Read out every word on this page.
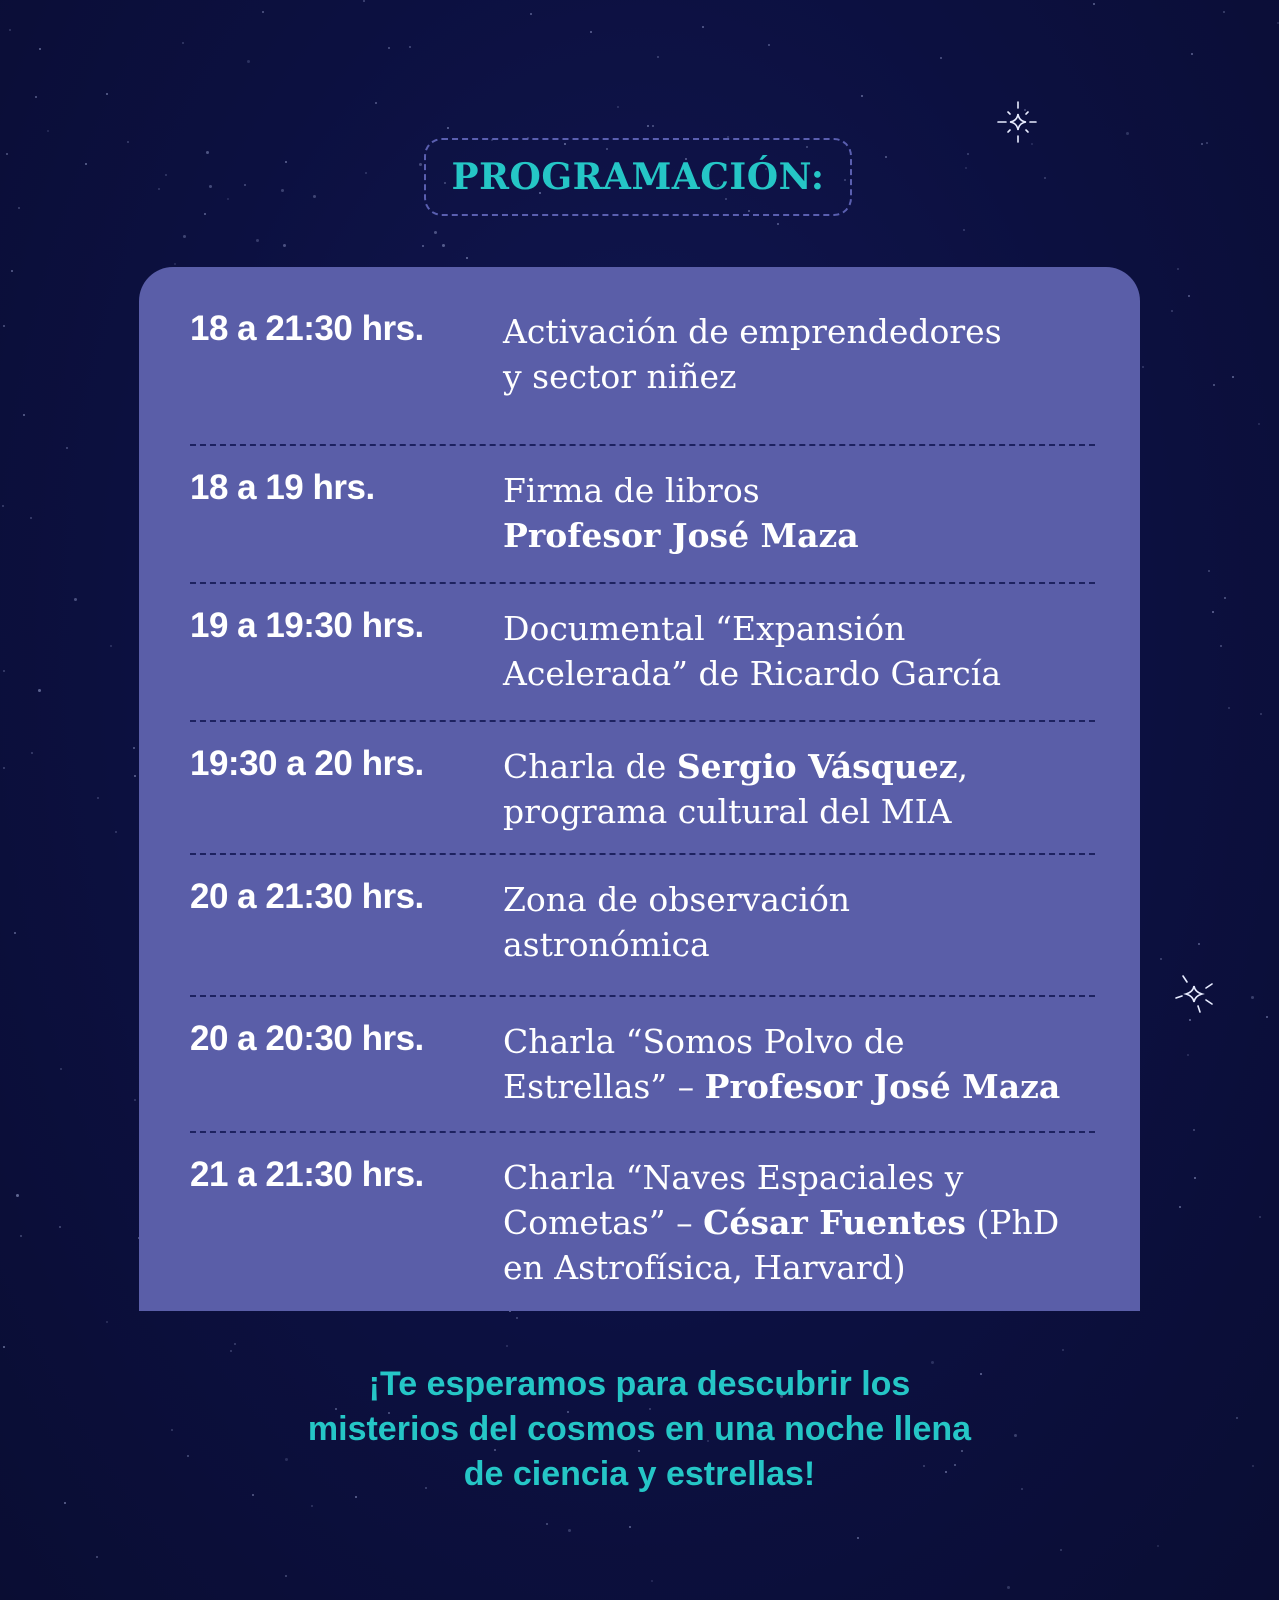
PROGRAMACIÓN:
18 a 21:30 hrs.	Activación de emprendedores
y sector niñez
18 a 19 hrs.	Firma de libros
Profesor José Maza
19 a 19:30 hrs.	Documental “Expansión
Acelerada” de Ricardo García
19:30 a 20 hrs.	Charla de Sergio Vásquez,
programa cultural del MIA
20 a 21:30 hrs.	Zona de observación
astronómica
20 a 20:30 hrs.	Charla “Somos Polvo de
Estrellas” – Profesor José Maza
21 a 21:30 hrs.	Charla “Naves Espaciales y
Cometas” – César Fuentes (PhD
en Astrofísica, Harvard)
¡Te esperamos para descubrir los
misterios del cosmos en una noche llena
de ciencia y estrellas!
